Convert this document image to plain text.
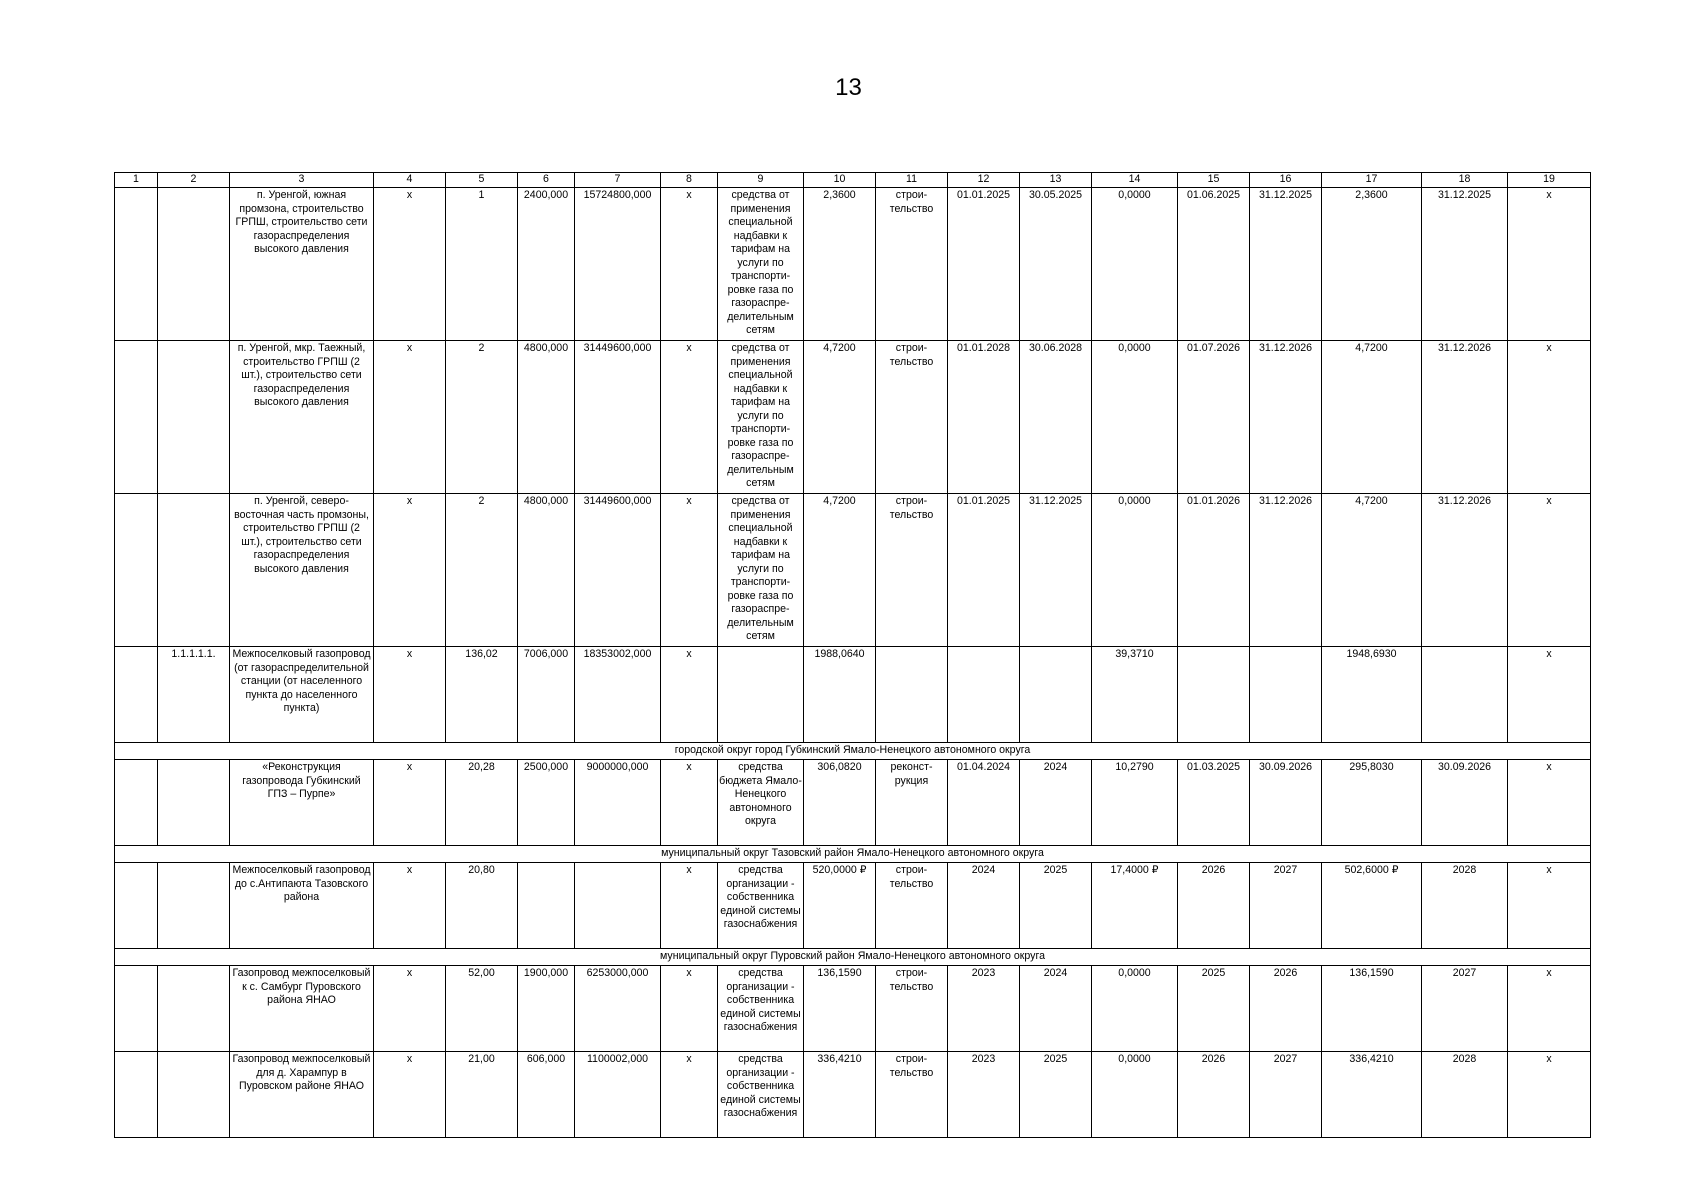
13
1	2	3	4	5	6	7	8	9	10	11	12	13	14	15	16	17	18	19
		п. Уренгой, южная промзона, строительство ГРПШ, строительство сети газораспределения высокого давления	х	1	2400,000	15724800,000	х	средства от применения специальной надбавки к тарифам на услуги по транспорти-ровке газа по газораспре-делительным сетям	2,3600	строи-тельство	01.01.2025	30.05.2025	0,0000	01.06.2025	31.12.2025	2,3600	31.12.2025	х
		п. Уренгой, мкр. Таежный, строительство ГРПШ (2 шт.), строительство сети газораспределения высокого давления	х	2	4800,000	31449600,000	х	средства от применения специальной надбавки к тарифам на услуги по транспорти-ровке газа по газораспре-делительным сетям	4,7200	строи-тельство	01.01.2028	30.06.2028	0,0000	01.07.2026	31.12.2026	4,7200	31.12.2026	х
		п. Уренгой, северо-восточная часть промзоны, строительство ГРПШ (2 шт.), строительство сети газораспределения высокого давления	х	2	4800,000	31449600,000	х	средства от применения специальной надбавки к тарифам на услуги по транспорти-ровке газа по газораспре-делительным сетям	4,7200	строи-тельство	01.01.2025	31.12.2025	0,0000	01.01.2026	31.12.2026	4,7200	31.12.2026	х
	1.1.1.1.1.	Межпоселковый газопровод (от газораспределительной станции (от населенного пункта до населенного пункта)	х	136,02	7006,000	18353002,000	х		1988,0640				39,3710			1948,6930		х
городской округ город Губкинский Ямало-Ненецкого автономного округа																		
		«Реконструкция газопровода Губкинский ГПЗ – Пурпе»	х	20,28	2500,000	9000000,000	х	средства бюджета Ямало-Ненецкого автономного округа	306,0820	реконст-рукция	01.04.2024	2024	10,2790	01.03.2025	30.09.2026	295,8030	30.09.2026	х
муниципальный округ Тазовский район Ямало-Ненецкого автономного округа																		
		Межпоселковый газопровод до с.Антипаюта Тазовского района	х	20,80			х	средства организации - собственника единой системы газоснабжения	520,0000 ₽	строи-тельство	2024	2025	17,4000 ₽	2026	2027	502,6000 ₽	2028	х
муниципальный округ Пуровский район Ямало-Ненецкого автономного округа																		
		Газопровод межпоселковый к с. Самбург Пуровского района ЯНАО	х	52,00	1900,000	6253000,000	х	средства организации - собственника единой системы газоснабжения	136,1590	строи-тельство	2023	2024	0,0000	2025	2026	136,1590	2027	х
		Газопровод межпоселковый для д. Харампур в Пуровском районе ЯНАО	х	21,00	606,000	1100002,000	х	средства организации - собственника единой системы газоснабжения	336,4210	строи-тельство	2023	2025	0,0000	2026	2027	336,4210	2028	х
